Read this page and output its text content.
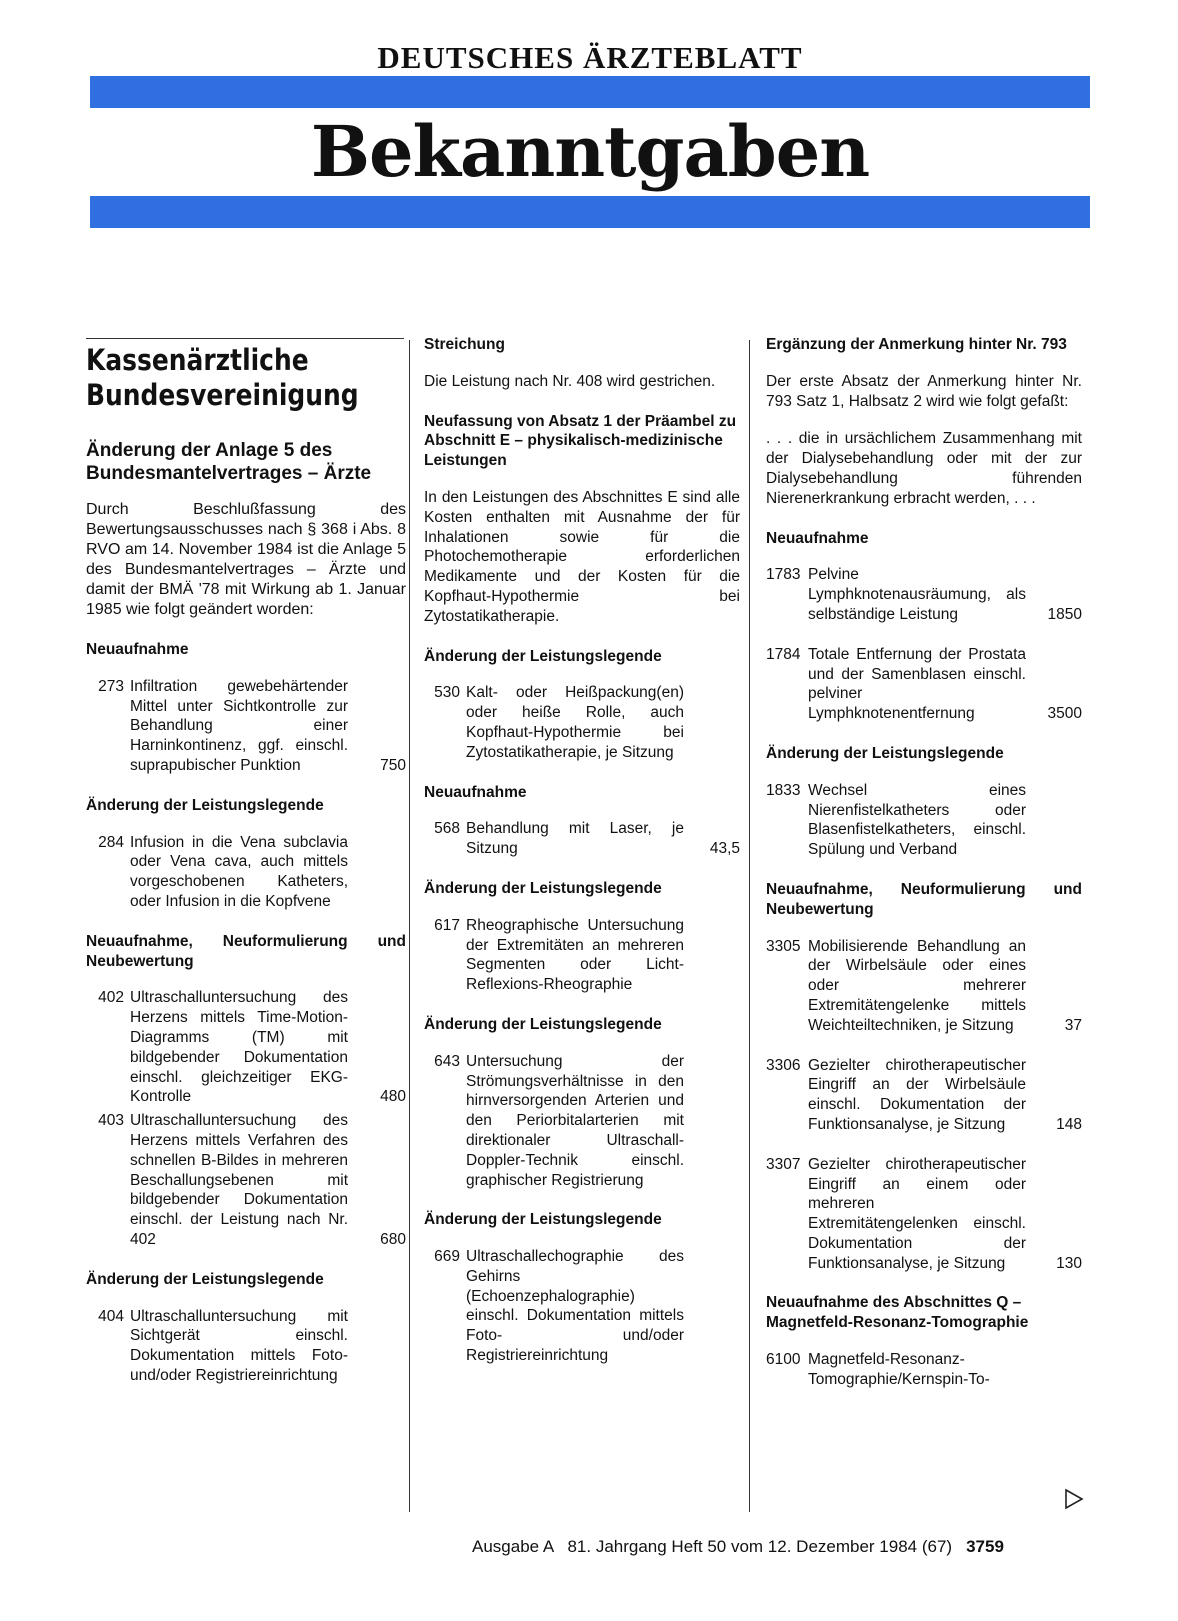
DEUTSCHES ÄRZTEBLATT
Bekanntgaben
Kassenärztliche Bundesvereinigung
Änderung der Anlage 5 des Bundesmantelvertrages – Ärzte
Durch Beschlußfassung des Bewertungsausschusses nach § 368 i Abs. 8 RVO am 14. November 1984 ist die Anlage 5 des Bundesmantelvertrages – Ärzte und damit der BMÄ '78 mit Wirkung ab 1. Januar 1985 wie folgt geändert worden:
Neuaufnahme
273 Infiltration gewebehärtender Mittel unter Sichtkontrolle zur Behandlung einer Harninkontinenz, ggf. einschl. suprapubischer Punktion	750
Änderung der Leistungslegende
284 Infusion in die Vena subclavia oder Vena cava, auch mittels vorgeschobenen Katheters, oder Infusion in die Kopfvene
Neuaufnahme, Neuformulierung und Neubewertung
402 Ultraschalluntersuchung des Herzens mittels Time-Motion-Diagramms (TM) mit bildgebender Dokumentation einschl. gleichzeitiger EKG-Kontrolle	480
403 Ultraschalluntersuchung des Herzens mittels Verfahren des schnellen B-Bildes in mehreren Beschallungsebenen mit bildgebender Dokumentation einschl. der Leistung nach Nr. 402	680
Änderung der Leistungslegende
404 Ultraschalluntersuchung mit Sichtgerät einschl. Dokumentation mittels Foto- und/oder Registriereinrichtung
Streichung
Die Leistung nach Nr. 408 wird gestrichen.
Neufassung von Absatz 1 der Präambel zu Abschnitt E – physikalisch-medizinische Leistungen
In den Leistungen des Abschnittes E sind alle Kosten enthalten mit Ausnahme der für Inhalationen sowie für die Photochemotherapie erforderlichen Medikamente und der Kosten für die Kopfhaut-Hypothermie bei Zytostatikatherapie.
Änderung der Leistungslegende
530 Kalt- oder Heißpackung(en) oder heiße Rolle, auch Kopfhaut-Hypothermie bei Zytostatikatherapie, je Sitzung
Neuaufnahme
568 Behandlung mit Laser, je Sitzung	43,5
Änderung der Leistungslegende
617 Rheographische Untersuchung der Extremitäten an mehreren Segmenten oder Licht-Reflexions-Rheographie
Änderung der Leistungslegende
643 Untersuchung der Strömungsverhältnisse in den hirnversorgenden Arterien und den Periorbitalarterien mit direktionaler Ultraschall-Doppler-Technik einschl. graphischer Registrierung
Änderung der Leistungslegende
669 Ultraschallechographie des Gehirns (Echoenzephalographie) einschl. Dokumentation mittels Foto- und/oder Registriereinrichtung
Ergänzung der Anmerkung hinter Nr. 793
Der erste Absatz der Anmerkung hinter Nr. 793 Satz 1, Halbsatz 2 wird wie folgt gefaßt:
. . . die in ursächlichem Zusammenhang mit der Dialysebehandlung oder mit der zur Dialysebehandlung führenden Nierenerkrankung erbracht werden, . . .
Neuaufnahme
1783 Pelvine Lymphknotenausräumung, als selbständige Leistung	1850
1784 Totale Entfernung der Prostata und der Samenblasen einschl. pelviner Lymphknotenentfernung	3500
Änderung der Leistungslegende
1833 Wechsel eines Nierenfistelkatheters oder Blasenfistelkatheters, einschl. Spülung und Verband
Neuaufnahme, Neuformulierung und Neubewertung
3305 Mobilisierende Behandlung an der Wirbelsäule oder eines oder mehrerer Extremitätengelenke mittels Weichteiltechniken, je Sitzung	37
3306 Gezielter chirotherapeutischer Eingriff an der Wirbelsäule einschl. Dokumentation der Funktionsanalyse, je Sitzung	148
3307 Gezielter chirotherapeutischer Eingriff an einem oder mehreren Extremitätengelenken einschl. Dokumentation der Funktionsanalyse, je Sitzung	130
Neuaufnahme des Abschnittes Q – Magnetfeld-Resonanz-Tomographie
6100 Magnetfeld-Resonanz-Tomographie/Kernspin-To-
Ausgabe A   81. Jahrgang Heft 50 vom 12. Dezember 1984 (67) 3759
